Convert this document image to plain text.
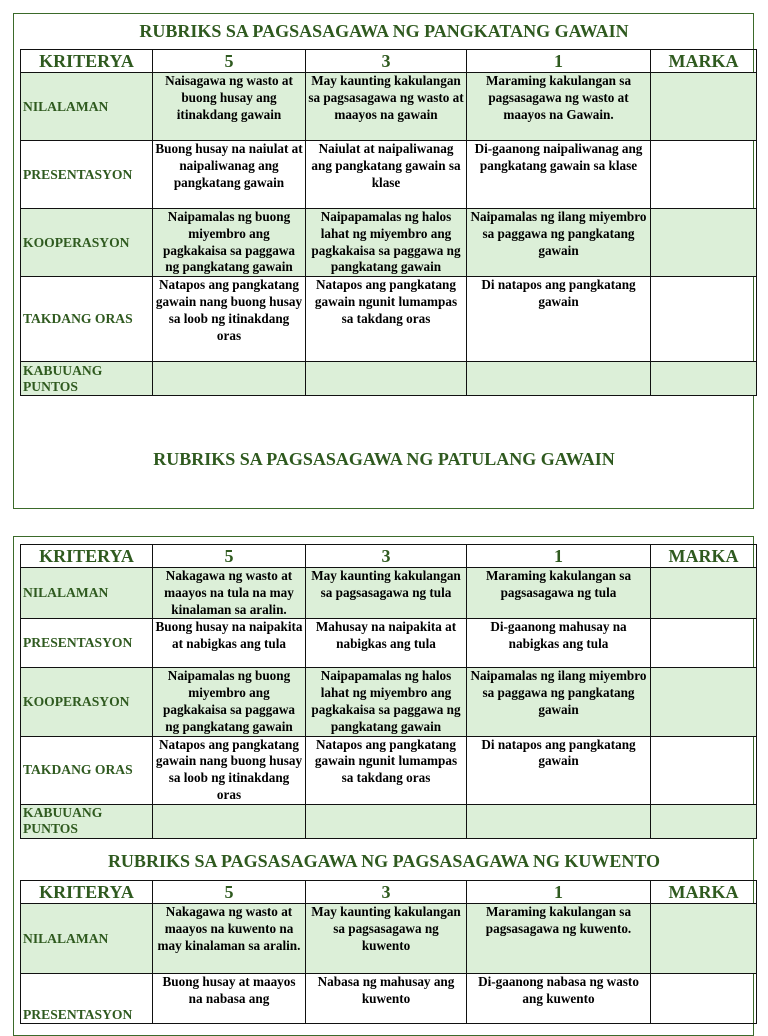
RUBRIKS SA PAGSASAGAWA NG PANGKATANG GAWAIN
KRITERYA	5	3	1	MARKA
NILALAMAN	Naisagawa ng wasto at buong husay ang itinakdang gawain	May kaunting kakulangan sa pagsasagawa ng wasto at maayos na gawain	Maraming kakulangan sa pagsasagawa ng wasto at maayos na Gawain.	
PRESENTASYON	Buong husay na naiulat at naipaliwanag ang pangkatang gawain	Naiulat at naipaliwanag ang pangkatang gawain sa klase	Di-gaanong naipaliwanag ang pangkatang gawain sa klase	
KOOPERASYON	Naipamalas ng buong miyembro ang pagkakaisa sa paggawa ng pangkatang gawain	Naipapamalas ng halos lahat ng miyembro ang pagkakaisa sa paggawa ng pangkatang gawain	Naipamalas ng ilang miyembro sa paggawa ng pangkatang gawain	
TAKDANG ORAS	Natapos ang pangkatang gawain nang buong husay sa loob ng itinakdang oras	Natapos ang pangkatang gawain ngunit lumampas sa takdang oras	Di natapos ang pangkatang gawain	
KABUUANG PUNTOS				
RUBRIKS SA PAGSASAGAWA NG PATULANG GAWAIN
KRITERYA	5	3	1	MARKA
NILALAMAN	Nakagawa ng wasto at maayos na tula na may kinalaman sa aralin.	May kaunting kakulangan sa pagsasagawa ng tula	Maraming kakulangan sa pagsasagawa ng tula	
PRESENTASYON	Buong husay na naipakita at nabigkas ang tula	Mahusay na naipakita at nabigkas ang tula	Di-gaanong mahusay na nabigkas ang tula	
KOOPERASYON	Naipamalas ng buong miyembro ang pagkakaisa sa paggawa ng pangkatang gawain	Naipapamalas ng halos lahat ng miyembro ang pagkakaisa sa paggawa ng pangkatang gawain	Naipamalas ng ilang miyembro sa paggawa ng pangkatang gawain	
TAKDANG ORAS	Natapos ang pangkatang gawain nang buong husay sa loob ng itinakdang oras	Natapos ang pangkatang gawain ngunit lumampas sa takdang oras	Di natapos ang pangkatang gawain	
KABUUANG PUNTOS				
RUBRIKS SA PAGSASAGAWA NG PAGSASAGAWA NG KUWENTO
KRITERYA	5	3	1	MARKA
NILALAMAN	Nakagawa ng wasto at maayos na kuwento na may kinalaman sa aralin.	May kaunting kakulangan sa pagsasagawa ng kuwento	Maraming kakulangan sa pagsasagawa ng kuwento.	
PRESENTASYON	Buong husay at maayos na nabasa ang	Nabasa ng mahusay ang kuwento	Di-gaanong nabasa ng wasto ang kuwento	
